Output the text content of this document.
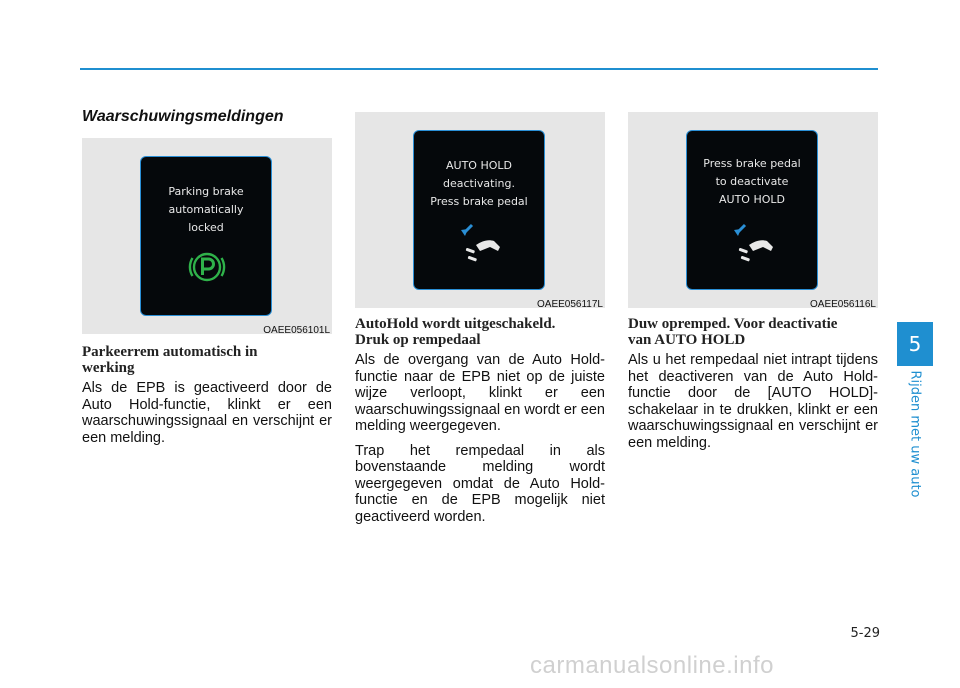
Waarschuwingsmeldingen
Parking brake
automatically
locked
OAEE056101L
AUTO HOLD
deactivating.
Press brake pedal
OAEE056117L
Press brake pedal
to deactivate
AUTO HOLD
OAEE056116L
Parkeerrem automatisch in
werking

Als de EPB is geactiveerd door de Auto Hold-functie, klinkt er een waarschuwingssignaal en verschijnt er een melding.

AutoHold wordt uitgeschakeld.
Druk op rempedaal

Als de overgang van de Auto Hold-functie naar de EPB niet op de juiste wijze verloopt, klinkt er een waarschuwingssignaal en wordt er een melding weergegeven.

Trap het rempedaal in als bovenstaande melding wordt weergegeven omdat de Auto Hold-functie en de EPB mogelijk niet geactiveerd worden.

Duw opremped. Voor deactivatie
van AUTO HOLD

Als u het rempedaal niet intrapt tijdens het deactiveren van de Auto Hold-functie door de [AUTO HOLD]-schakelaar in te drukken, klinkt er een waarschuwingssignaal en verschijnt er een melding.

5
Rijden met uw auto
5-29
carmanualsonline.info
